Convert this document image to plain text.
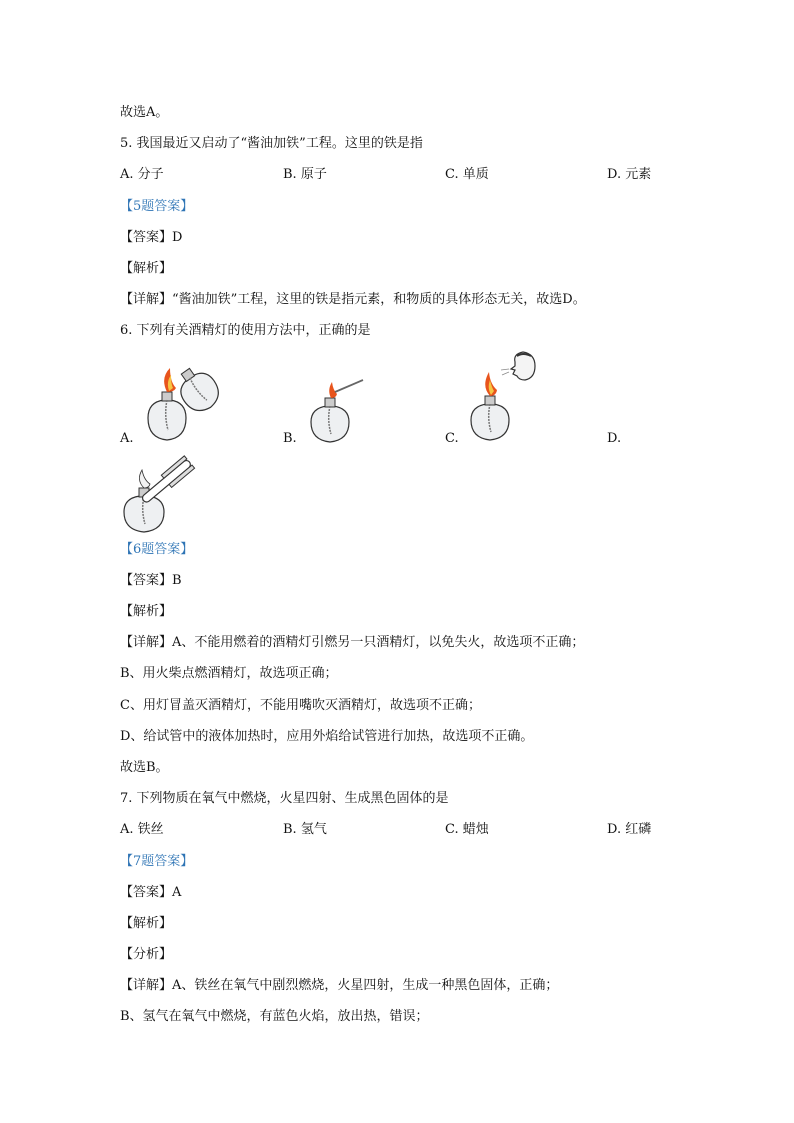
故选A。
5. 我国最近又启动了“酱油加铁”工程。这里的铁是指
A. 分子	B. 原子	C. 单质	D. 元素
【5题答案】
【答案】D
【解析】
【详解】“酱油加铁”工程，这里的铁是指元素，和物质的具体形态无关，故选D。
6. 下列有关酒精灯的使用方法中，正确的是
A.	B.	C.	D.
【6题答案】
【答案】B
【解析】
【详解】A、不能用燃着的酒精灯引燃另一只酒精灯，以免失火，故选项不正确；
B、用火柴点燃酒精灯，故选项正确；
C、用灯冒盖灭酒精灯，不能用嘴吹灭酒精灯，故选项不正确；
D、给试管中的液体加热时，应用外焰给试管进行加热，故选项不正确。
故选B。
7. 下列物质在氧气中燃烧，火星四射、生成黑色固体的是
A. 铁丝	B. 氢气	C. 蜡烛	D. 红磷
【7题答案】
【答案】A
【解析】
【分析】
【详解】A、铁丝在氧气中剧烈燃烧，火星四射，生成一种黑色固体，正确；
B、氢气在氧气中燃烧，有蓝色火焰，放出热，错误；
